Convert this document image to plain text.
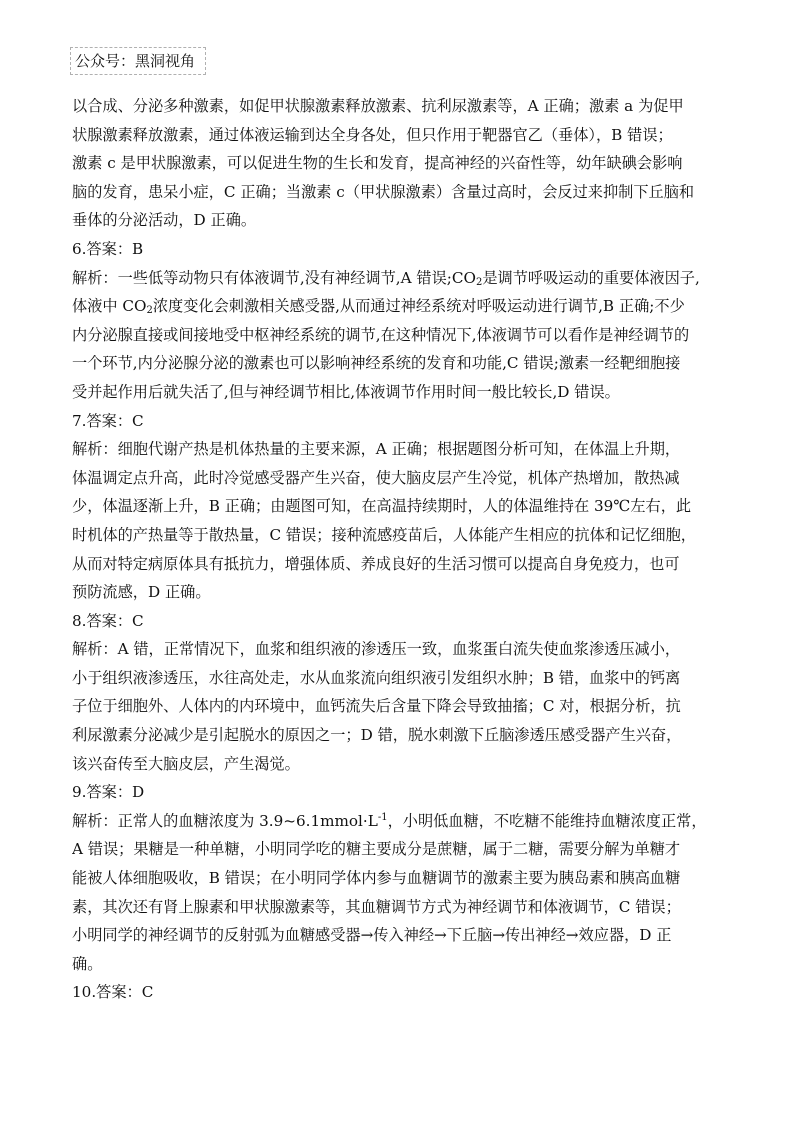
公众号：黑洞视角
以合成、分泌多种激素，如促甲状腺激素释放激素、抗利尿激素等，A 正确；激素 a 为促甲
状腺激素释放激素，通过体液运输到达全身各处，但只作用于靶器官乙（垂体），B 错误；
激素 c 是甲状腺激素，可以促进生物的生长和发育，提高神经的兴奋性等，幼年缺碘会影响
脑的发育，患呆小症，C 正确；当激素 c（甲状腺激素）含量过高时，会反过来抑制下丘脑和
垂体的分泌活动，D 正确。
6.答案：B
解析：一些低等动物只有体液调节,没有神经调节,A 错误$;CO_2$是调节呼吸运动的重要体液因子,
体液中 $CO_2$浓度变化会刺激相关感受器,从而通过神经系统对呼吸运动进行调节,B 正确;不少
内分泌腺直接或间接地受中枢神经系统的调节,在这种情况下,体液调节可以看作是神经调节的
一个环节,内分泌腺分泌的激素也可以影响神经系统的发育和功能,C 错误;激素一经靶细胞接
受并起作用后就失活了,但与神经调节相比,体液调节作用时间一般比较长,D 错误。
7.答案：C
解析：细胞代谢产热是机体热量的主要来源，A 正确；根据题图分析可知，在体温上升期，
体温调定点升高，此时冷觉感受器产生兴奋，使大脑皮层产生冷觉，机体产热增加，散热减
少，体温逐渐上升，B 正确；由题图可知，在高温持续期时，人的体温维持在 39℃左右，此
时机体的产热量等于散热量，C 错误；接种流感疫苗后，人体能产生相应的抗体和记忆细胞，
从而对特定病原体具有抵抗力，增强体质、养成良好的生活习惯可以提高自身免疫力，也可
预防流感，D 正确。
8.答案：C
解析：A 错，正常情况下，血浆和组织液的渗透压一致，血浆蛋白流失使血浆渗透压减小，
小于组织液渗透压，水往高处走，水从血浆流向组织液引发组织水肿；B 错，血浆中的钙离
子位于细胞外、人体内的内环境中，血钙流失后含量下降会导致抽搐；C 对，根据分析，抗
利尿激素分泌减少是引起脱水的原因之一；D 错，脱水刺激下丘脑渗透压感受器产生兴奋，
该兴奋传至大脑皮层，产生渴觉。
9.答案：D
解析：正常人的血糖浓度为 $3.9\sim 6.1mmol\cdot L^{-1}$，小明低血糖，不吃糖不能维持血糖浓度正常，
A 错误；果糖是一种单糖，小明同学吃的糖主要成分是蔗糖，属于二糖，需要分解为单糖才
能被人体细胞吸收，B 错误；在小明同学体内参与血糖调节的激素主要为胰岛素和胰高血糖
素，其次还有肾上腺素和甲状腺激素等，其血糖调节方式为神经调节和体液调节，C 错误；
小明同学的神经调节的反射弧为血糖感受器→传入神经→下丘脑→传出神经→效应器，D 正
确。
10.答案：C
